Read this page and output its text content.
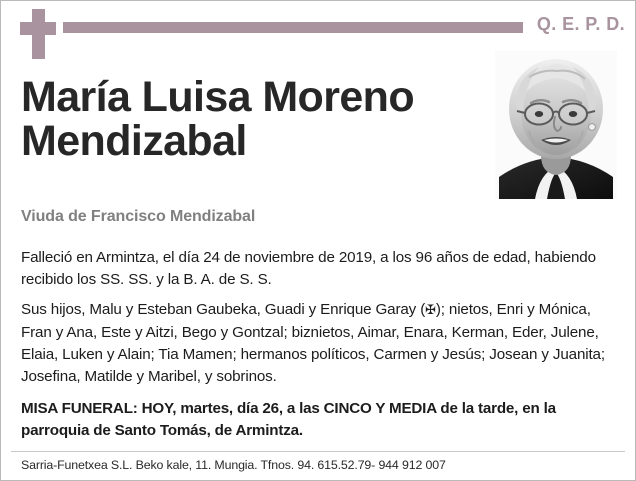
Q. E. P. D.
María Luisa Moreno
Mendizabal
Viuda de Francisco Mendizabal

Falleció en Armintza, el día 24 de noviembre de 2019, a los 96 años de edad, habiendo recibido los SS. SS. y la B. A. de S. S.

Sus hijos, Malu y Esteban Gaubeka, Guadi y Enrique Garay (✠); nietos, Enri y Mónica, Fran y Ana, Este y Aitzi, Bego y Gontzal; biznietos, Aimar, Enara, Kerman, Eder, Julene, Elaia, Luken y Alain; Tia Mamen; hermanos políticos, Carmen y Jesús; Josean y Juanita; Josefina, Matilde y Maribel, y sobrinos.

MISA FUNERAL: HOY, martes, día 26, a las CINCO Y MEDIA de la tarde, en la parroquia de Santo Tomás, de Armintza.

Sarria-Funetxea S.L. Beko kale, 11. Mungia. Tfnos. 94. 615.52.79- 944 912 007
